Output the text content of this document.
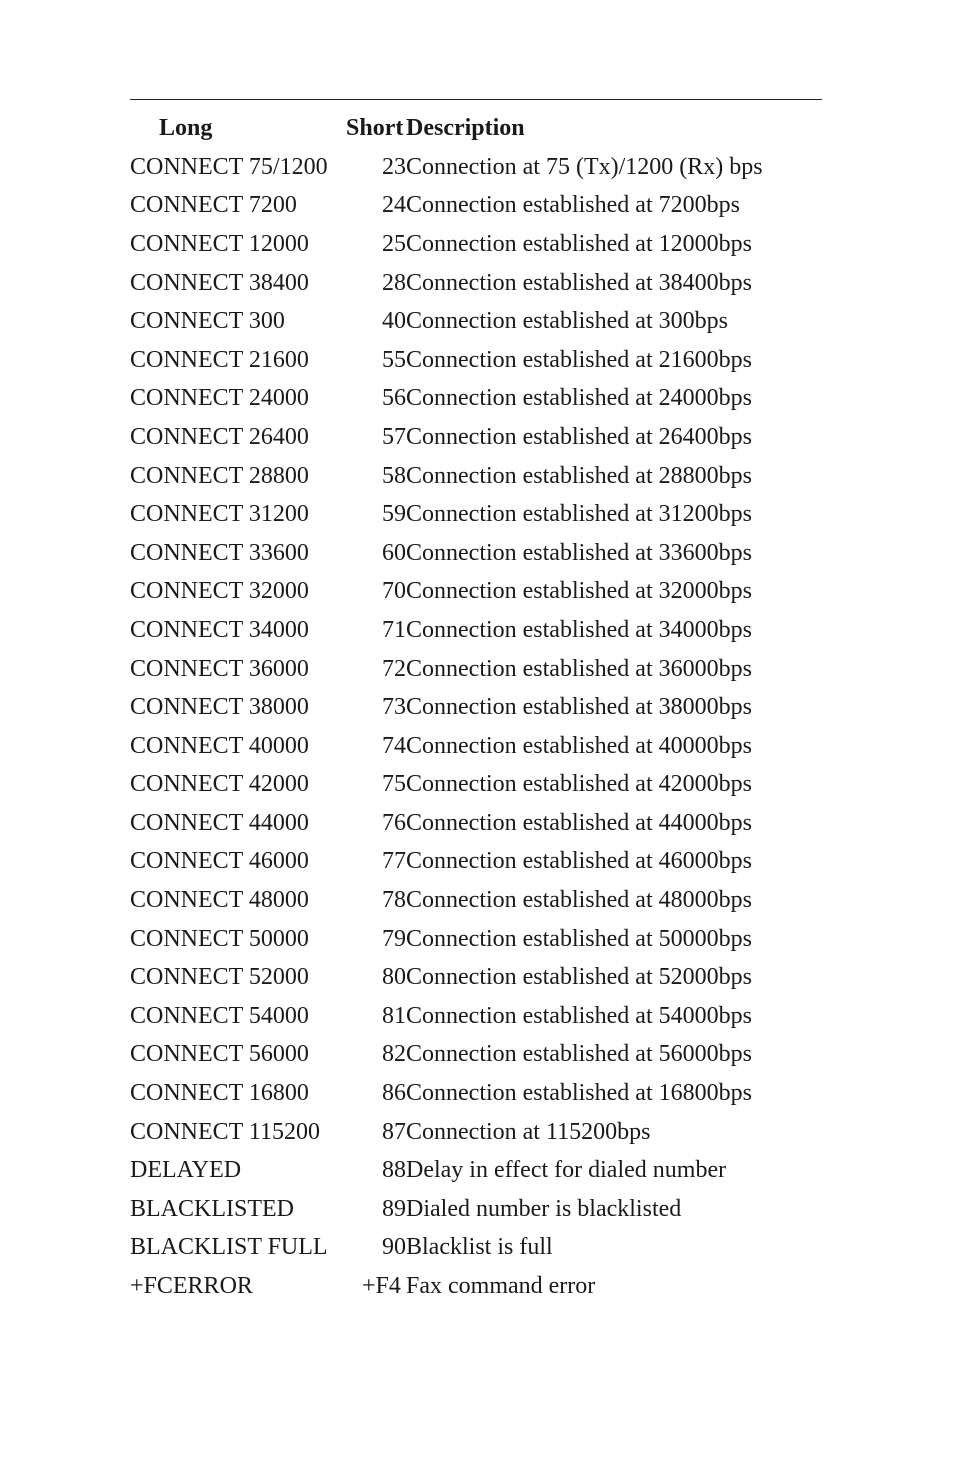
Long	Short	Description
CONNECT 75/1200	23	Connection at 75 (Tx)/1200 (Rx) bps
CONNECT 7200	24	Connection established at 7200bps
CONNECT 12000	25	Connection established at 12000bps
CONNECT 38400	28	Connection established at 38400bps
CONNECT 300	40	Connection established at 300bps
CONNECT 21600	55	Connection established at 21600bps
CONNECT 24000	56	Connection established at 24000bps
CONNECT 26400	57	Connection established at 26400bps
CONNECT 28800	58	Connection established at 28800bps
CONNECT 31200	59	Connection established at 31200bps
CONNECT 33600	60	Connection established at 33600bps
CONNECT 32000	70	Connection established at 32000bps
CONNECT 34000	71	Connection established at 34000bps
CONNECT 36000	72	Connection established at 36000bps
CONNECT 38000	73	Connection established at 38000bps
CONNECT 40000	74	Connection established at 40000bps
CONNECT 42000	75	Connection established at 42000bps
CONNECT 44000	76	Connection established at 44000bps
CONNECT 46000	77	Connection established at 46000bps
CONNECT 48000	78	Connection established at 48000bps
CONNECT 50000	79	Connection established at 50000bps
CONNECT 52000	80	Connection established at 52000bps
CONNECT 54000	81	Connection established at 54000bps
CONNECT 56000	82	Connection established at 56000bps
CONNECT 16800	86	Connection established at 16800bps
CONNECT 115200	87	Connection at 115200bps
DELAYED	88	Delay in effect for dialed number
BLACKLISTED	89	Dialed number is blacklisted
BLACKLIST FULL	90	Blacklist is full
+FCERROR	+F4	Fax command error
